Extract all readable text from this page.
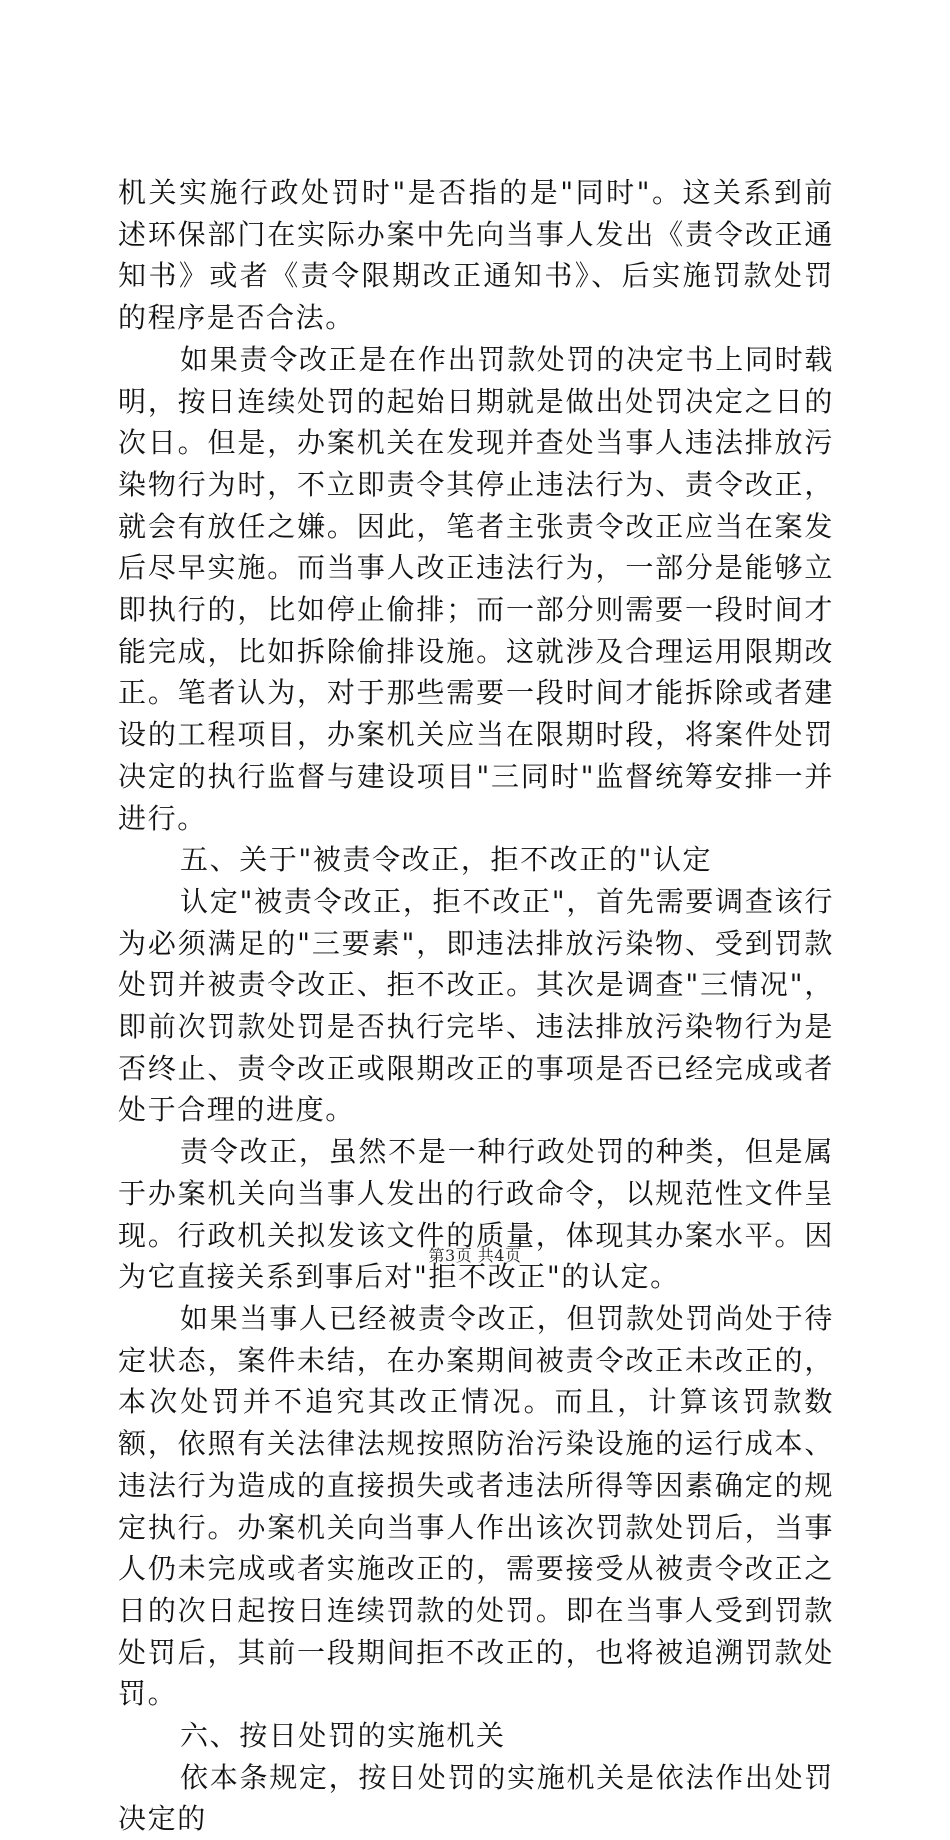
机关实施行政处罚时"是否指的是"同时"。这关系到前述环保部门在实际办案中先向当事人发出《责令改正通知书》或者《责令限期改正通知书》、后实施罚款处罚的程序是否合法。

如果责令改正是在作出罚款处罚的决定书上同时载明，按日连续处罚的起始日期就是做出处罚决定之日的次日。但是，办案机关在发现并查处当事人违法排放污染物行为时，不立即责令其停止违法行为、责令改正，就会有放任之嫌。因此，笔者主张责令改正应当在案发后尽早实施。而当事人改正违法行为，一部分是能够立即执行的，比如停止偷排；而一部分则需要一段时间才能完成，比如拆除偷排设施。这就涉及合理运用限期改正。笔者认为，对于那些需要一段时间才能拆除或者建设的工程项目，办案机关应当在限期时段，将案件处罚决定的执行监督与建设项目"三同时"监督统筹安排一并进行。

五、关于"被责令改正，拒不改正的"认定

认定"被责令改正，拒不改正"，首先需要调查该行为必须满足的"三要素"，即违法排放污染物、受到罚款处罚并被责令改正、拒不改正。其次是调查"三情况"，即前次罚款处罚是否执行完毕、违法排放污染物行为是否终止、责令改正或限期改正的事项是否已经完成或者处于合理的进度。

责令改正，虽然不是一种行政处罚的种类，但是属于办案机关向当事人发出的行政命令，以规范性文件呈现。行政机关拟发该文件的质量，体现其办案水平。因为它直接关系到事后对"拒不改正"的认定。

如果当事人已经被责令改正，但罚款处罚尚处于待定状态，案件未结，在办案期间被责令改正未改正的，本次处罚并不追究其改正情况。而且，计算该罚款数额，依照有关法律法规按照防治污染设施的运行成本、违法行为造成的直接损失或者违法所得等因素确定的规定执行。办案机关向当事人作出该次罚款处罚后，当事人仍未完成或者实施改正的，需要接受从被责令改正之日的次日起按日连续罚款的处罚。即在当事人受到罚款处罚后，其前一段期间拒不改正的，也将被追溯罚款处罚。

六、按日处罚的实施机关

依本条规定，按日处罚的实施机关是依法作出处罚决定的

第3页 共4页
